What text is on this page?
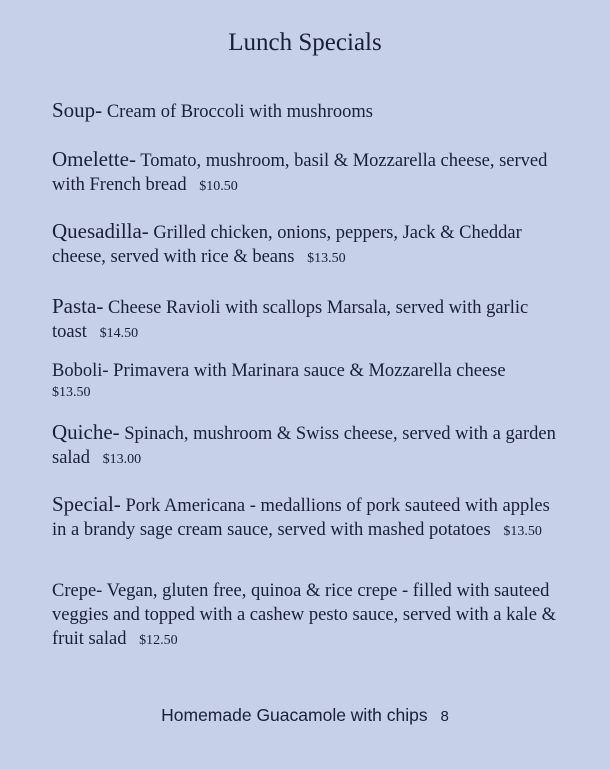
Lunch Specials
Soup- Cream of Broccoli with mushrooms
Omelette- Tomato, mushroom, basil & Mozzarella cheese, served with French bread $10.50
Quesadilla- Grilled chicken, onions, peppers, Jack & Cheddar cheese, served with rice & beans $13.50
Pasta- Cheese Ravioli with scallops Marsala, served with garlic toast $14.50
Boboli- Primavera with Marinara sauce & Mozzarella cheese
$13.50
Quiche- Spinach, mushroom & Swiss cheese, served with a garden salad $13.00
Special- Pork Americana - medallions of pork sauteed with apples in a brandy sage cream sauce, served with mashed potatoes $13.50
Crepe- Vegan, gluten free, quinoa & rice crepe - filled with sauteed veggies and topped with a cashew pesto sauce, served with a kale & fruit salad $12.50
Homemade Guacamole with chips 8
